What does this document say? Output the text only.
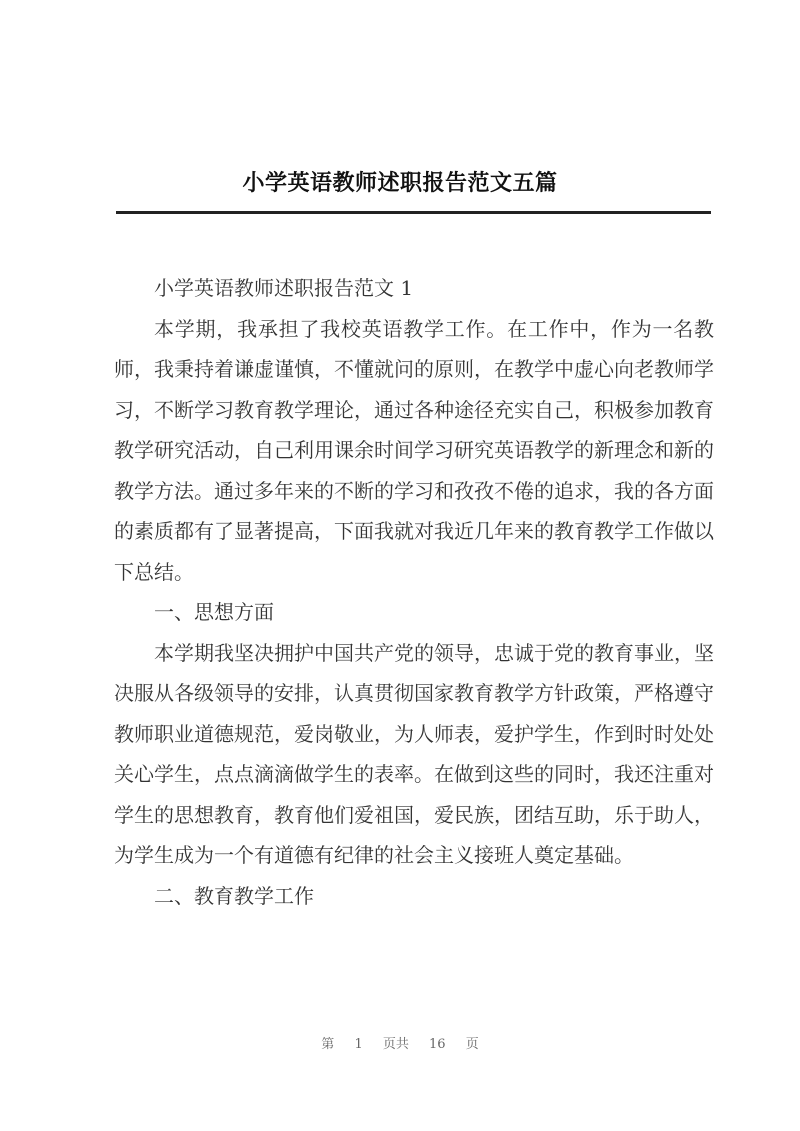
小学英语教师述职报告范文五篇

小学英语教师述职报告范文 1

本学期，我承担了我校英语教学工作。在工作中，作为一名教师，我秉持着谦虚谨慎，不懂就问的原则，在教学中虚心向老教师学习，不断学习教育教学理论，通过各种途径充实自己，积极参加教育教学研究活动，自己利用课余时间学习研究英语教学的新理念和新的教学方法。通过多年来的不断的学习和孜孜不倦的追求，我的各方面的素质都有了显著提高，下面我就对我近几年来的教育教学工作做以下总结。

一、思想方面

本学期我坚决拥护中国共产党的领导，忠诚于党的教育事业，坚决服从各级领导的安排，认真贯彻国家教育教学方针政策，严格遵守教师职业道德规范，爱岗敬业，为人师表，爱护学生，作到时时处处关心学生，点点滴滴做学生的表率。在做到这些的同时，我还注重对学生的思想教育，教育他们爱祖国，爱民族，团结互助，乐于助人，为学生成为一个有道德有纪律的社会主义接班人奠定基础。

二、教育教学工作

第 1 页共 16 页
